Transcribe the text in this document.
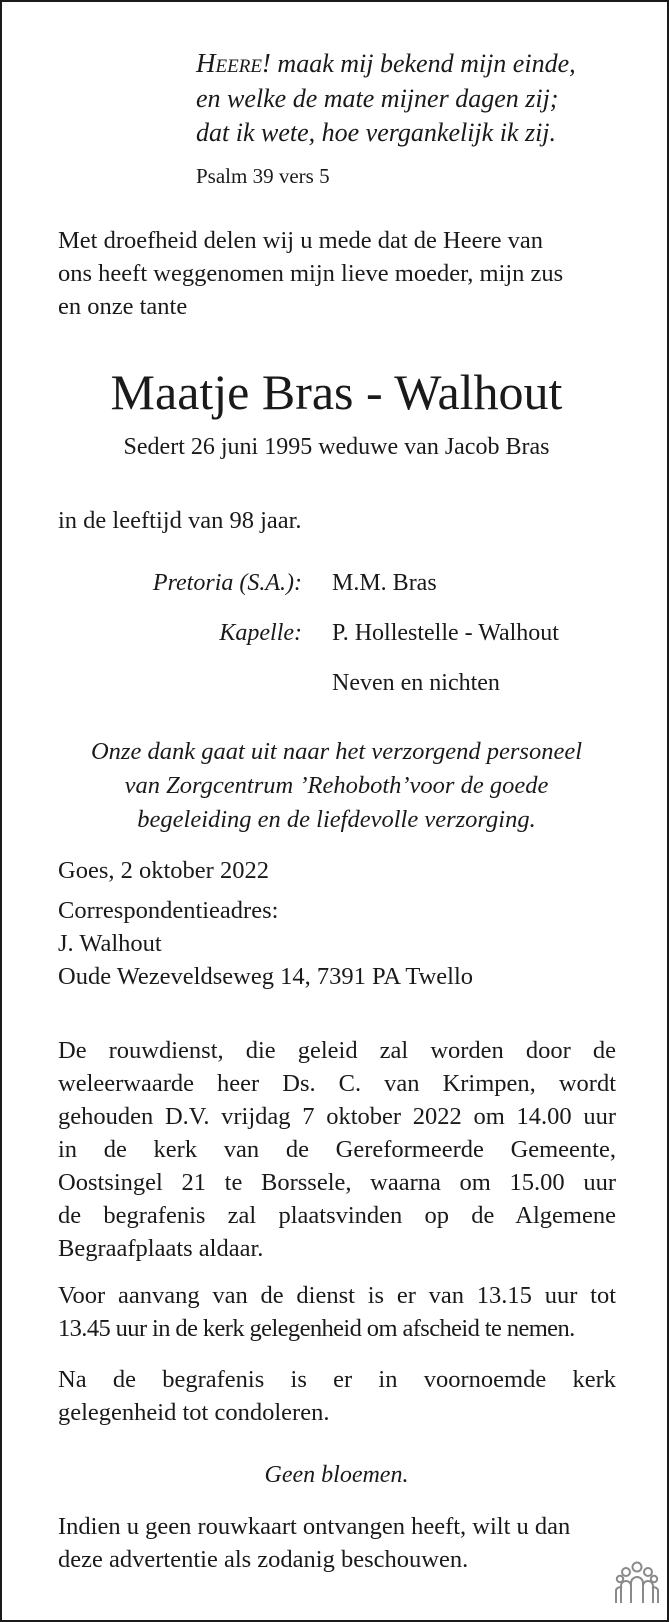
Heere! maak mij bekend mijn einde,
en welke de mate mijner dagen zij;
dat ik wete, hoe vergankelijk ik zij.
Psalm 39 vers 5
Met droefheid delen wij u mede dat de Heere van
ons heeft weggenomen mijn lieve moeder, mijn zus
en onze tante
Maatje Bras - Walhout
Sedert 26 juni 1995 weduwe van Jacob Bras
in de leeftijd van 98 jaar.
Pretoria (S.A.): M.M. Bras
Kapelle: P. Hollestelle - Walhout
Neven en nichten
Onze dank gaat uit naar het verzorgend personeel
van Zorgcentrum ’Rehoboth’voor de goede
begeleiding en de liefdevolle verzorging.
Goes, 2 oktober 2022
Correspondentieadres:
J. Walhout
Oude Wezeveldseweg 14, 7391 PA Twello
De rouwdienst, die geleid zal worden door de
weleerwaarde heer Ds. C. van Krimpen, wordt
gehouden D.V. vrijdag 7 oktober 2022 om 14.00 uur
in de kerk van de Gereformeerde Gemeente,
Oostsingel 21 te Borssele, waarna om 15.00 uur
de begrafenis zal plaatsvinden op de Algemene
Begraafplaats aldaar.
Voor aanvang van de dienst is er van 13.15 uur tot
13.45 uur in de kerk gelegenheid om afscheid te nemen.
Na de begrafenis is er in voornoemde kerk
gelegenheid tot condoleren.
Geen bloemen.
Indien u geen rouwkaart ontvangen heeft, wilt u dan
deze advertentie als zodanig beschouwen.
